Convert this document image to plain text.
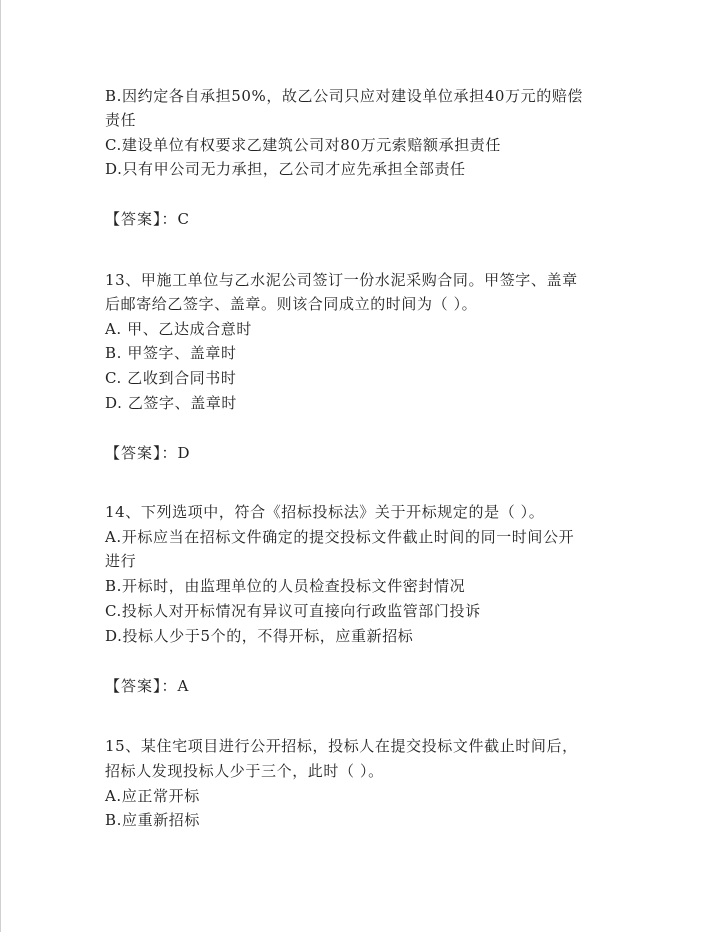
B.因约定各自承担50%，故乙公司只应对建设单位承担40万元的赔偿
责任
C.建设单位有权要求乙建筑公司对80万元索赔额承担责任
D.只有甲公司无力承担，乙公司才应先承担全部责任
【答案】：C
13、甲施工单位与乙水泥公司签订一份水泥采购合同。甲签字、盖章
后邮寄给乙签字、盖章。则该合同成立的时间为（ ）。
A. 甲、乙达成合意时
B. 甲签字、盖章时
C. 乙收到合同书时
D. 乙签字、盖章时
【答案】：D
14、下列选项中，符合《招标投标法》关于开标规定的是（ ）。
A.开标应当在招标文件确定的提交投标文件截止时间的同一时间公开
进行
B.开标时，由监理单位的人员检查投标文件密封情况
C.投标人对开标情况有异议可直接向行政监管部门投诉
D.投标人少于5个的，不得开标，应重新招标
【答案】：A
15、某住宅项目进行公开招标，投标人在提交投标文件截止时间后，
招标人发现投标人少于三个，此时（ ）。
A.应正常开标
B.应重新招标
